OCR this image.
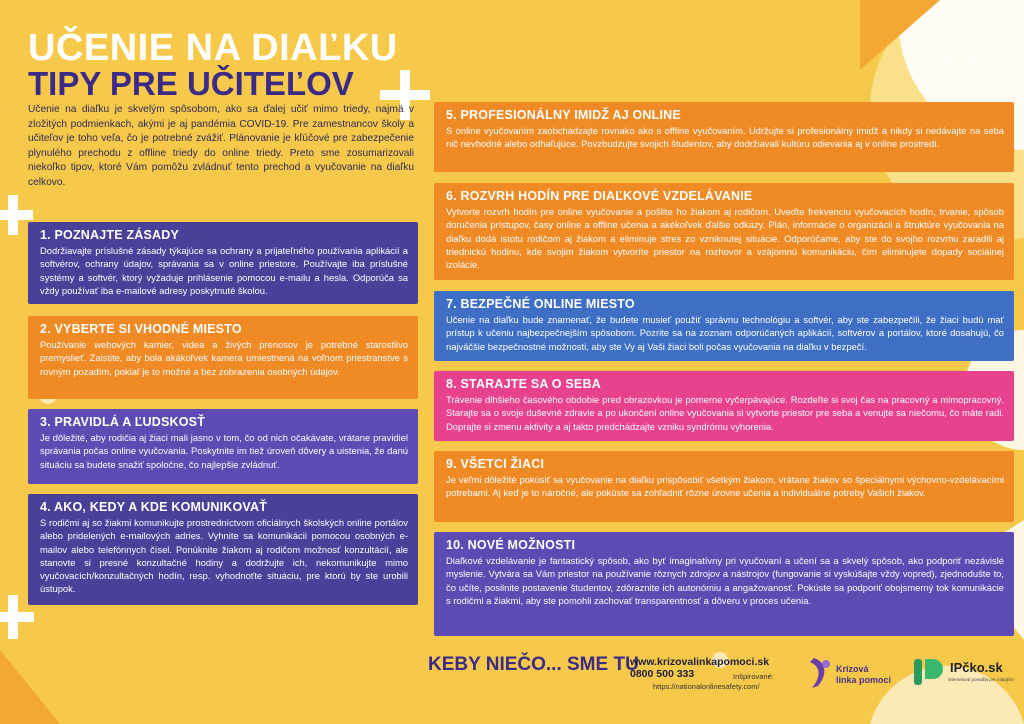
UČENIE NA DIAĽKU
TIPY PRE UČITEĽOV
Učenie na diaľku je skvelým spôsobom, ako sa ďalej učiť mimo triedy, najmä v zložitých podmienkach, akými je aj pandémia COVID-19. Pre zamestnancov školy a učiteľov je toho veľa, čo je potrebné zvážiť. Plánovanie je kľúčové pre zabezpečenie plynulého prechodu z offline triedy do online triedy. Preto sme zosumarizovali niekoľko tipov, ktoré Vám pomôžu zvládnuť tento prechod a vyučovanie na diaľku celkovo.
1. POZNAJTE ZÁSADY

Dodržiavajte príslušné zásady týkajúce sa ochrany a prijateľného používania aplikácií a softvérov, ochrany údajov, správania sa v online priestore. Používajte iba príslušné systémy a softvér, ktorý vyžaduje prihlásenie pomocou e-mailu a hesla. Odporúča sa vždy používať iba e-mailové adresy poskytnuté školou.

2. VYBERTE SI VHODNÉ MIESTO

Používanie webových kamier, videa a živých prenosov je potrebné starostlivo premyslieť. Zaistite, aby bola akákoľvek kamera umiestnená na voľnom priestranstve s rovným pozadím, pokiaľ je to možné a bez zobrazenia osobných údajov.

3. PRAVIDLÁ A ĽUDSKOSŤ

Je dôležité, aby rodičia aj žiaci mali jasno v tom, čo od nich očakávate, vrátane pravidiel správania počas online vyučovania. Poskytnite im tiež úroveň dôvery a uistenia, že danú situáciu sa budete snažiť spoločne, čo najlepšie zvládnuť.

4. AKO, KEDY A KDE KOMUNIKOVAŤ

S rodičmi aj so žiakmi komunikujte prostredníctvom oficiálnych školských online portálov alebo pridelených e-mailových adries. Vyhnite sa komunikácii pomocou osobných e-mailov alebo telefónnych čísel. Ponúknite žiakom aj rodičom možnosť konzultácií, ale stanovte si presné konzultačné hodiny a dodržujte ich, nekomunikujte mimo vyučovacích/konzultačných hodín, resp. vyhodnoťte situáciu, pre ktorú by ste urobili ústupok.

5. PROFESIONÁLNY IMIDŽ AJ ONLINE

S online vyučovaním zaobchádzajte rovnako ako s offline vyučovaním. Udržujte si profesionálny imidž a nikdy si nedávajte na seba nič nevhodné alebo odhaľujúce. Povzbudzujte svojich študentov, aby dodržiavali kultúru odievania aj v online prostredí.

6. ROZVRH HODÍN PRE DIAĽKOVÉ VZDELÁVANIE

Vytvorte rozvrh hodín pre online vyučovanie a pošlite ho žiakom aj rodičom. Uveďte frekvenciu vyučovacích hodín, trvanie, spôsob doručenia prístupov, časy online a offline učenia a akékoľvek ďalšie odkazy. Plán, informácie o organizácii a štruktúre vyučovania na diaľku dodá istotu rodičom aj žiakom a eliminuje stres zo vzniknutej situácie. Odporúčame, aby ste do svojho rozvrhu zaradili aj triednickú hodinu, kde svojim žiakom vytvoríte priestor na rozhovor a vzájomnú komunikáciu, čím eliminujete dopady sociálnej izolácie.

7. BEZPEČNÉ ONLINE MIESTO

Učenie na diaľku bude znamenať, že budete musieť použiť správnu technológiu a softvér, aby ste zabezpečili, že žiaci budú mať prístup k učeniu najbezpečnejším spôsobom. Pozrite sa na zoznam odporúčaných aplikácií, softvérov a portálov, ktoré dosahujú, čo najväčšie bezpečnostné možnosti, aby ste Vy aj Vaši žiaci boli počas vyučovania na diaľku v bezpečí.

8. STARAJTE SA O SEBA

Trávenie dlhšieho časového obdobie pred obrazovkou je pomerne vyčerpávajúce. Rozdeľte si svoj čas na pracovný a mimopracovný. Starajte sa o svoje duševné zdravie a po ukončení online vyučovania si vytvorte priestor pre seba a venujte sa niečomu, čo máte radi. Doprajte si zmenu aktivity a aj takto predchádzajte vzniku syndrómu vyhorenia.

9. VŠETCI ŽIACI

Je veľmi dôležité pokúsiť sa vyučovanie na diaľku prispôsobiť všetkým žiakom, vrátane žiakov so špeciálnymi výchovno-vzdelávacími potrebami. Aj keď je to náročné, ale pokúste sa zohľadniť rôzne úrovne učenia a individuálne potreby Vašich žiakov.

10. NOVÉ MOŽNOSTI

Diaľkové vzdelávanie je fantastický spôsob, ako byť imaginatívny pri vyučovaní a učení sa a skvelý spôsob, ako podporiť nezávislé myslenie. Vytvára sa Vám priestor na používanie rôznych zdrojov a nástrojov (fungovanie si vyskúšajte vždy vopred), zjednodušte to, čo učíte, posilnite postavenie študentov, zdôraznite ich autonómiu a angažovanosť. Pokúste sa podporiť obojsmerný tok komunikácie s rodičmi a žiakmi, aby ste pomohli zachovať transparentnosť a dôveru v proces učenia.

KEBY NIEČO... SME TU
www.krizovalinkapomoci.sk
0800 500 333	Inšpirované:
https://nationalonlinesafety.com/
Krízová
linka pomoci
IPčko.sk
internetová poradňa pre mladých
